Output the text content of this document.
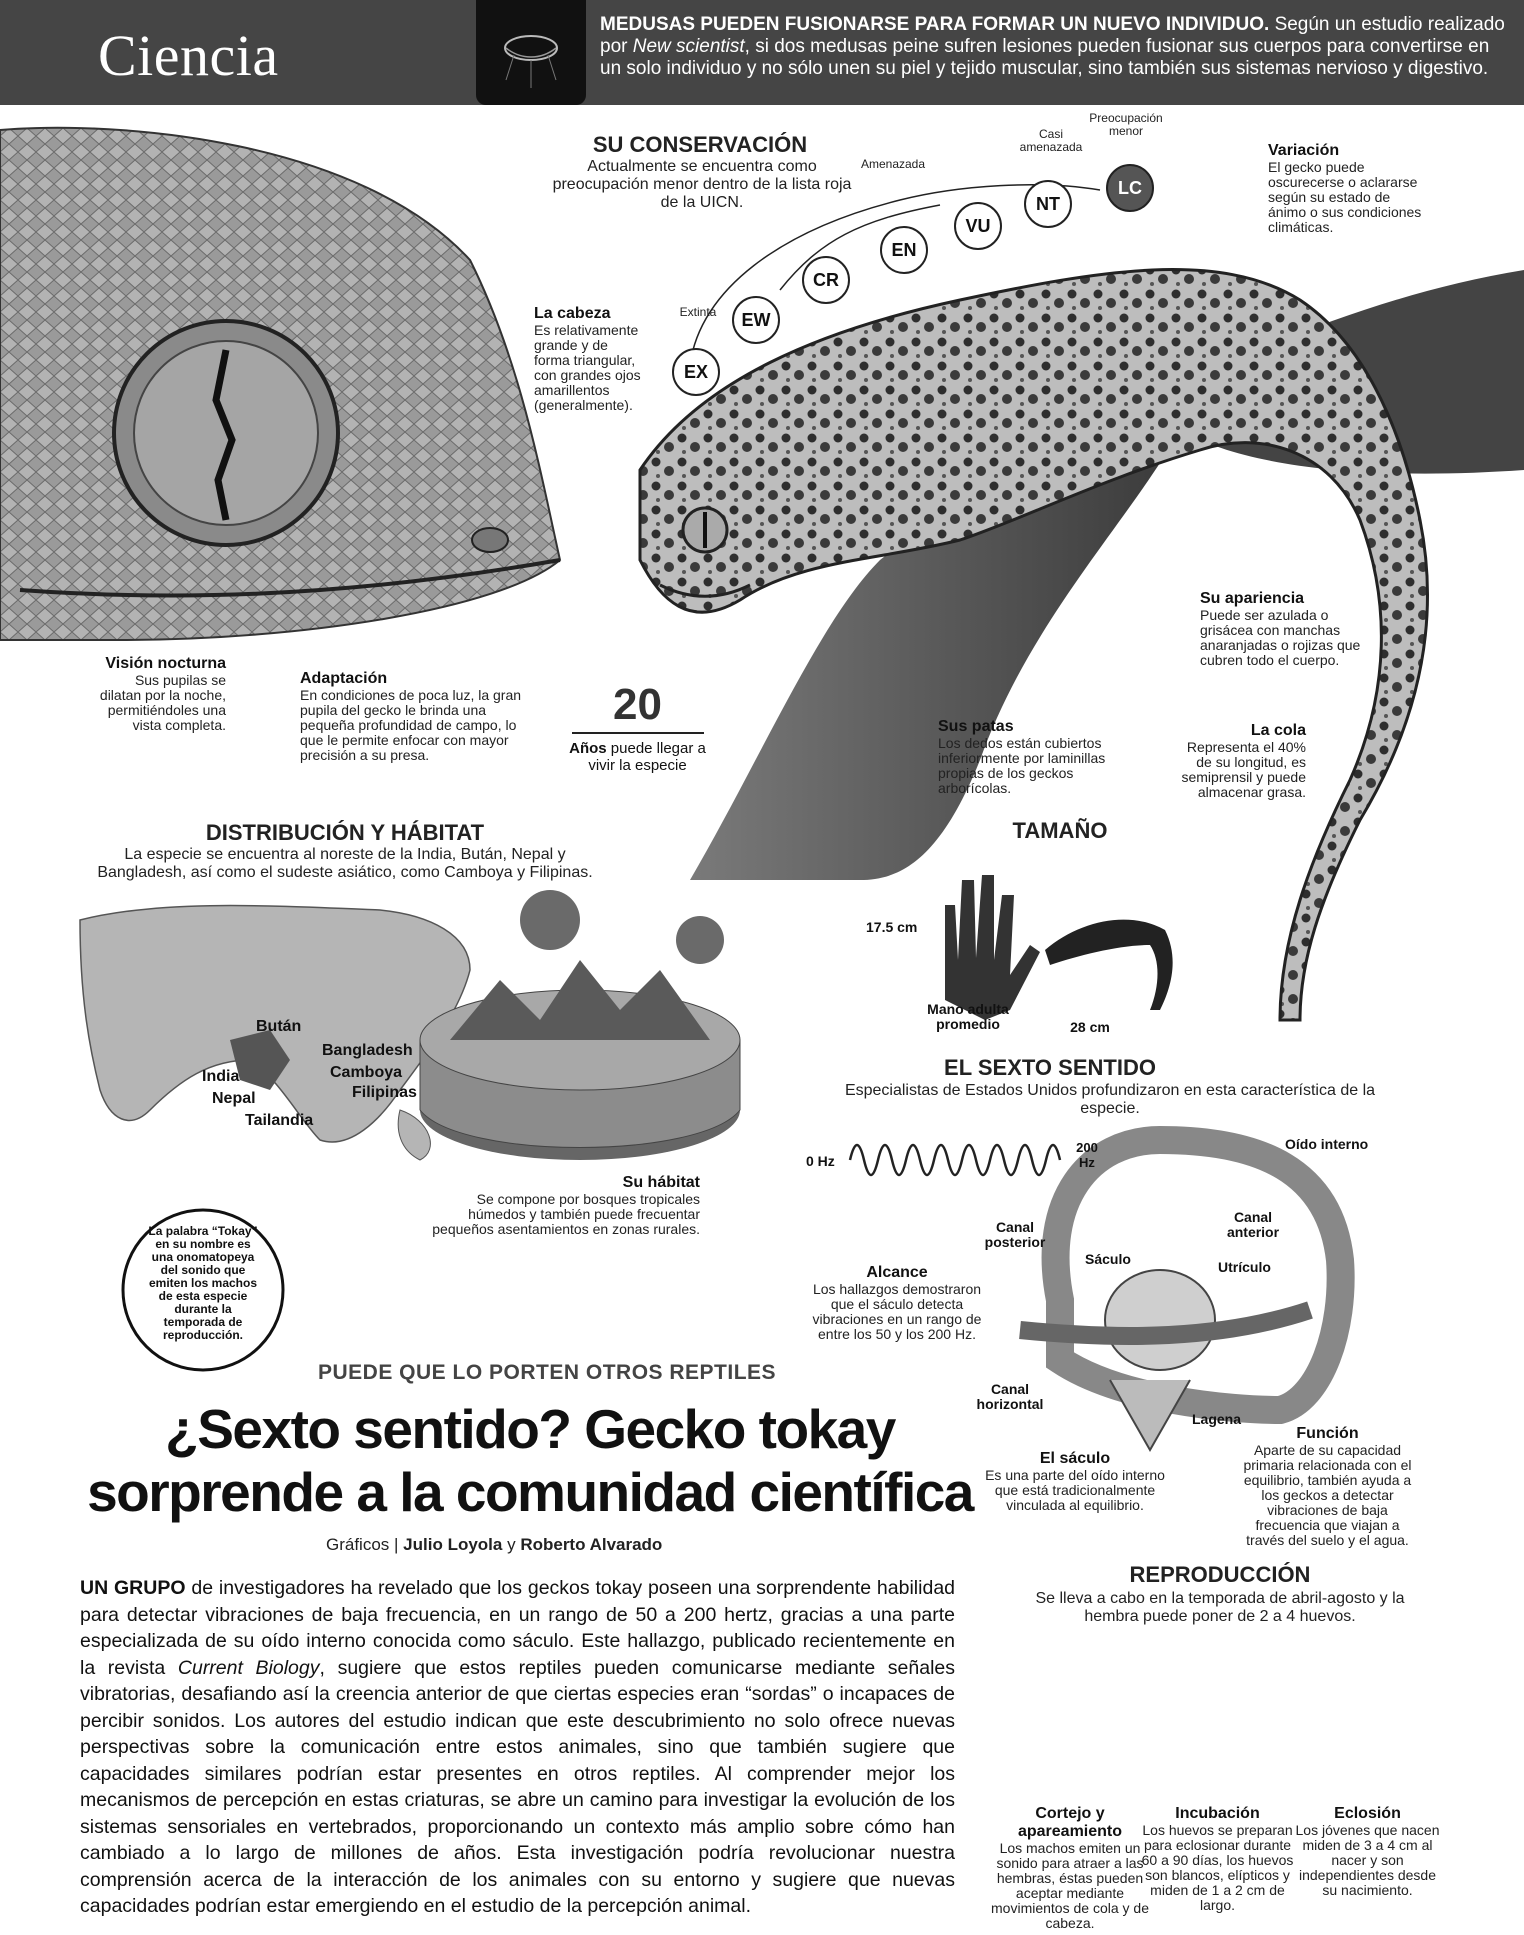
Ciencia	MEDUSAS PUEDEN FUSIONARSE PARA FORMAR UN NUEVO INDIVIDUO. Según un estudio realizado por New scientist, si dos medusas peine sufren lesiones pueden fusionar sus cuerpos para convertirse en un solo individuo y no sólo unen su piel y tejido muscular, sino también sus sistemas nervioso y digestivo.
SU CONSERVACIÓN
Actualmente se encuentra como preocupación menor dentro de la lista roja de la UICN.
Extinta
Amenazada
Casi amenazada
Preocupación menor
EX
EW
CR
EN
VU
NT
LC
La cabeza
Es relativamente grande y de forma triangular, con grandes ojos amarillentos (generalmente).
Variación
El gecko puede oscurecerse o aclararse según su estado de ánimo o sus condiciones climáticas.
Visión nocturna
Sus pupilas se dilatan por la noche, permitiéndoles una vista completa.
Adaptación
En condiciones de poca luz, la gran pupila del gecko le brinda una pequeña profundidad de campo, lo que le permite enfocar con mayor precisión a su presa.
Su apariencia
Puede ser azulada o grisácea con manchas anaranjadas o rojizas que cubren todo el cuerpo.
Sus patas
Los dedos están cubiertos inferiormente por laminillas propias de los geckos arborícolas.
La cola
Representa el 40% de su longitud, es semiprensil y puede almacenar grasa.
20
Años puede llegar a vivir la especie
DISTRIBUCIÓN Y HÁBITAT
La especie se encuentra al noreste de la India, Bután, Nepal y Bangladesh, así como el sudeste asiático, como Camboya y Filipinas.
Bután
Bangladesh
India	Camboya
Nepal	Filipinas
Tailandia
Su hábitat
Se compone por bosques tropicales húmedos y también puede frecuentar pequeños asentamientos en zonas rurales.
La palabra “Tokay” en su nombre es una onomatopeya del sonido que emiten los machos de esta especie durante la temporada de reproducción.
TAMAÑO
17.5 cm
Mano adulta promedio	28 cm
EL SEXTO SENTIDO
Especialistas de Estados Unidos profundizaron en esta característica de la especie.
0 Hz
200 Hz
Alcance
Los hallazgos demostraron que el sáculo detecta vibraciones en un rango de entre los 50 y los 200 Hz.
Oído interno
Canal anterior
Canal posterior
Sáculo	Utrículo
Canal horizontal
Lagena
El sáculo
Es una parte del oído interno que está tradicionalmente vinculada al equilibrio.
Función
Aparte de su capacidad primaria relacionada con el equilibrio, también ayuda a los geckos a detectar vibraciones de baja frecuencia que viajan a través del suelo y el agua.
PUEDE QUE LO PORTEN OTROS REPTILES
¿Sexto sentido? Gecko tokay
sorprende a la comunidad científica
Gráficos | Julio Loyola y Roberto Alvarado
UN GRUPO de investigadores ha revelado que los geckos tokay poseen una sorprendente habilidad para detectar vibraciones de baja frecuencia, en un rango de 50 a 200 hertz, gracias a una parte especializada de su oído interno conocida como sáculo. Este hallazgo, publicado recientemente en la revista Current Biology, sugiere que estos reptiles pueden comunicarse mediante señales vibratorias, desafiando así la creencia anterior de que ciertas especies eran “sordas” o incapaces de percibir sonidos. Los autores del estudio indican que este descubrimiento no solo ofrece nuevas perspectivas sobre la comunicación entre estos animales, sino que también sugiere que capacidades similares podrían estar presentes en otros reptiles. Al comprender mejor los mecanismos de percepción en estas criaturas, se abre un camino para investigar la evolución de los sistemas sensoriales en vertebrados, proporcionando un contexto más amplio sobre cómo han cambiado a lo largo de millones de años. Esta investigación podría revolucionar nuestra comprensión acerca de la interacción de los animales con su entorno y sugiere que nuevas capacidades podrían estar emergiendo en el estudio de la percepción animal.
REPRODUCCIÓN
Se lleva a cabo en la temporada de abril-agosto y la hembra puede poner de 2 a 4 huevos.
Cortejo y apareamiento
Los machos emiten un sonido para atraer a las hembras, éstas pueden aceptar mediante movimientos de cola y de cabeza.
Incubación
Los huevos se preparan para eclosionar durante 60 a 90 días, los huevos son blancos, elípticos y miden de 1 a 2 cm de largo.
Eclosión
Los jóvenes que nacen miden de 3 a 4 cm al nacer y son independientes desde su nacimiento.
